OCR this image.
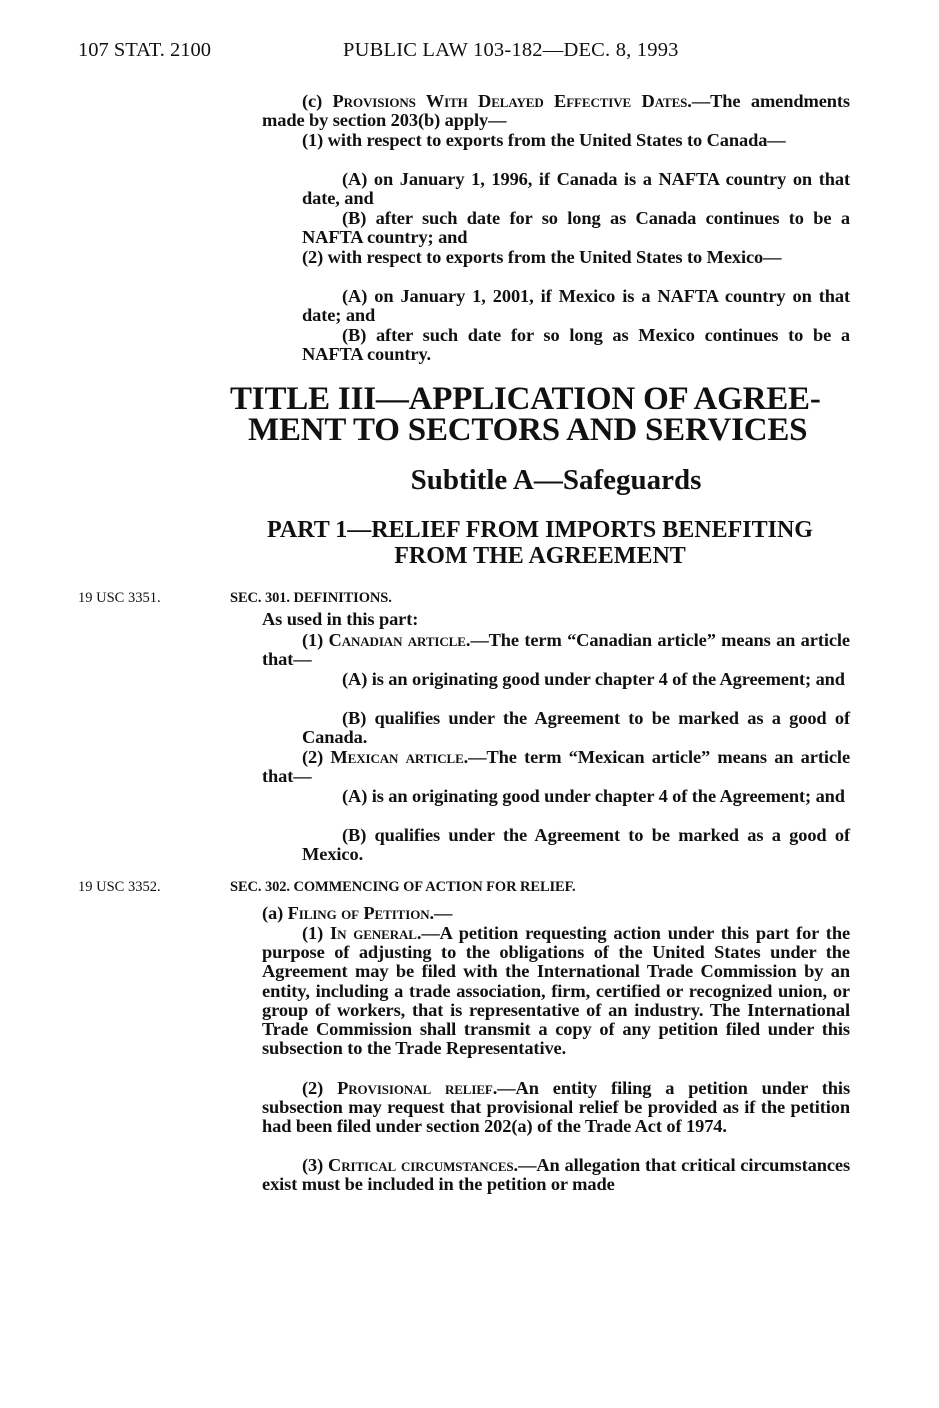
107 STAT. 2100	PUBLIC LAW 103-182—DEC. 8, 1993
(c) Provisions With Delayed Effective Dates.—The amendments made by section 203(b) apply—
(1) with respect to exports from the United States to Canada—
(A) on January 1, 1996, if Canada is a NAFTA country on that date, and
(B) after such date for so long as Canada continues to be a NAFTA country; and
(2) with respect to exports from the United States to Mexico—
(A) on January 1, 2001, if Mexico is a NAFTA country on that date; and
(B) after such date for so long as Mexico continues to be a NAFTA country.
TITLE III—APPLICATION OF AGREE-
MENT TO SECTORS AND SERVICES
Subtitle A—Safeguards
PART 1—RELIEF FROM IMPORTS BENEFITING
FROM THE AGREEMENT
19 USC 3351.	SEC. 301. DEFINITIONS.
As used in this part:
(1) Canadian article.—The term “Canadian article” means an article that—
(A) is an originating good under chapter 4 of the Agreement; and
(B) qualifies under the Agreement to be marked as a good of Canada.
(2) Mexican article.—The term “Mexican article” means an article that—
(A) is an originating good under chapter 4 of the Agreement; and
(B) qualifies under the Agreement to be marked as a good of Mexico.
19 USC 3352.	SEC. 302. COMMENCING OF ACTION FOR RELIEF.
(a) Filing of Petition.—
(1) In general.—A petition requesting action under this part for the purpose of adjusting to the obligations of the United States under the Agreement may be filed with the International Trade Commission by an entity, including a trade association, firm, certified or recognized union, or group of workers, that is representative of an industry. The International Trade Commission shall transmit a copy of any petition filed under this subsection to the Trade Representative.
(2) Provisional relief.—An entity filing a petition under this subsection may request that provisional relief be provided as if the petition had been filed under section 202(a) of the Trade Act of 1974.
(3) Critical circumstances.—An allegation that critical circumstances exist must be included in the petition or made
